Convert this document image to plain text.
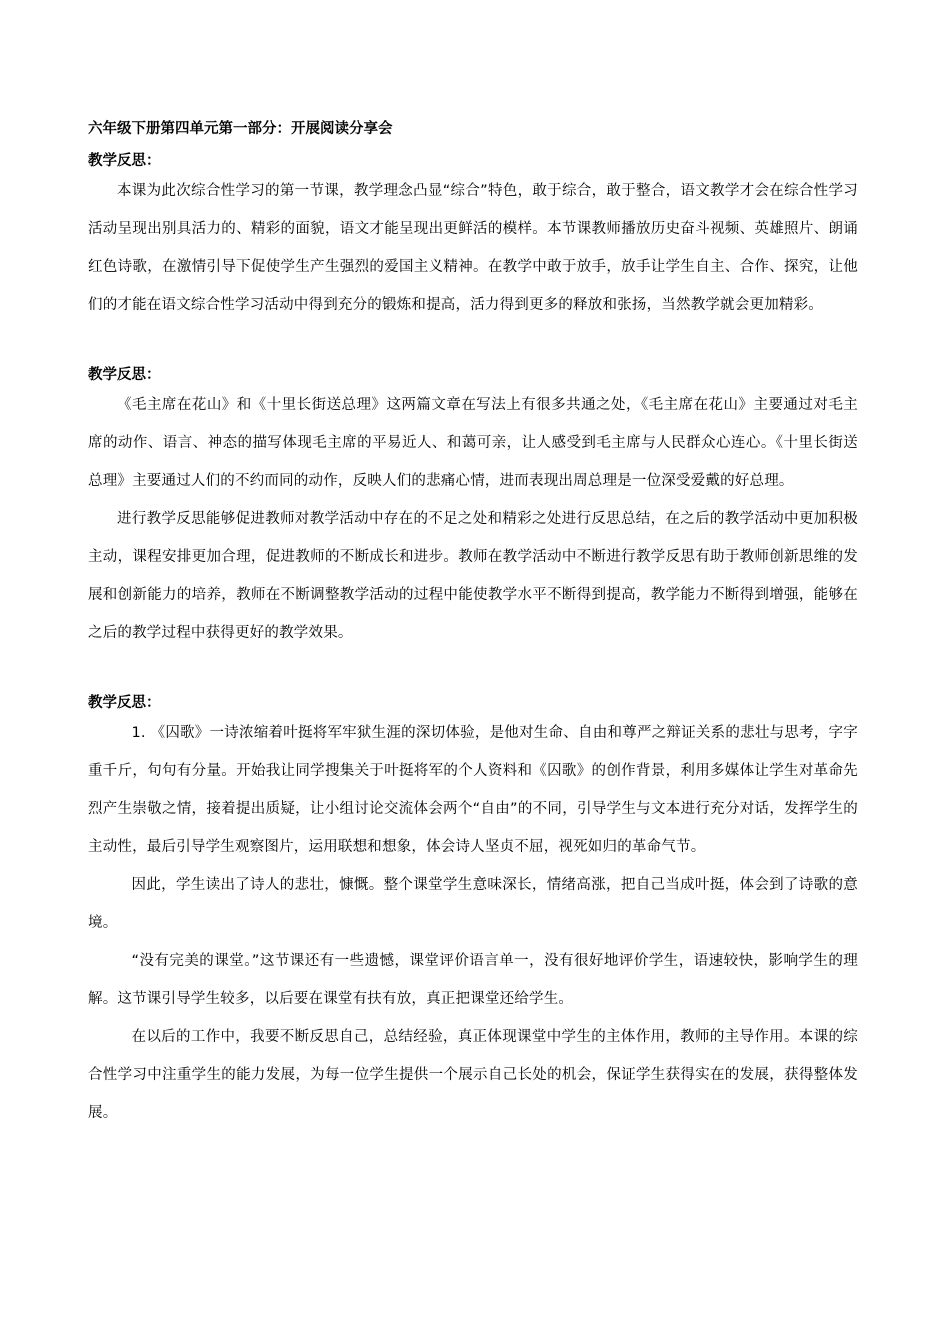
六年级下册第四单元第一部分：开展阅读分享会

教学反思：

本课为此次综合性学习的第一节课，教学理念凸显“综合”特色，敢于综合，敢于整合，语文教学才会在综合性学习活动呈现出别具活力的、精彩的面貌，语文才能呈现出更鲜活的模样。本节课教师播放历史奋斗视频、英雄照片、朗诵红色诗歌，在激情引导下促使学生产生强烈的爱国主义精神。在教学中敢于放手，放手让学生自主、合作、探究，让他们的才能在语文综合性学习活动中得到充分的锻炼和提高，活力得到更多的释放和张扬，当然教学就会更加精彩。

教学反思：

《毛主席在花山》和《十里长街送总理》这两篇文章在写法上有很多共通之处，《毛主席在花山》主要通过对毛主席的动作、语言、神态的描写体现毛主席的平易近人、和蔼可亲，让人感受到毛主席与人民群众心连心。《十里长街送总理》主要通过人们的不约而同的动作，反映人们的悲痛心情，进而表现出周总理是一位深受爱戴的好总理。

进行教学反思能够促进教师对教学活动中存在的不足之处和精彩之处进行反思总结，在之后的教学活动中更加积极主动，课程安排更加合理，促进教师的不断成长和进步。教师在教学活动中不断进行教学反思有助于教师创新思维的发展和创新能力的培养，教师在不断调整教学活动的过程中能使教学水平不断得到提高，教学能力不断得到增强，能够在之后的教学过程中获得更好的教学效果。

教学反思：

1. 《囚歌》一诗浓缩着叶挺将军牢狱生涯的深切体验，是他对生命、自由和尊严之辩证关系的悲壮与思考，字字重千斤，句句有分量。开始我让同学搜集关于叶挺将军的个人资料和《囚歌》的创作背景，利用多媒体让学生对革命先烈产生崇敬之情，接着提出质疑，让小组讨论交流体会两个“自由”的不同，引导学生与文本进行充分对话，发挥学生的主动性，最后引导学生观察图片，运用联想和想象，体会诗人坚贞不屈，视死如归的革命气节。

因此，学生读出了诗人的悲壮，慷慨。整个课堂学生意味深长，情绪高涨，把自己当成叶挺，体会到了诗歌的意境。

“没有完美的课堂。”这节课还有一些遗憾，课堂评价语言单一，没有很好地评价学生，语速较快，影响学生的理解。这节课引导学生较多，以后要在课堂有扶有放，真正把课堂还给学生。

在以后的工作中，我要不断反思自己，总结经验，真正体现课堂中学生的主体作用，教师的主导作用。本课的综合性学习中注重学生的能力发展，为每一位学生提供一个展示自己长处的机会，保证学生获得实在的发展，获得整体发展。
